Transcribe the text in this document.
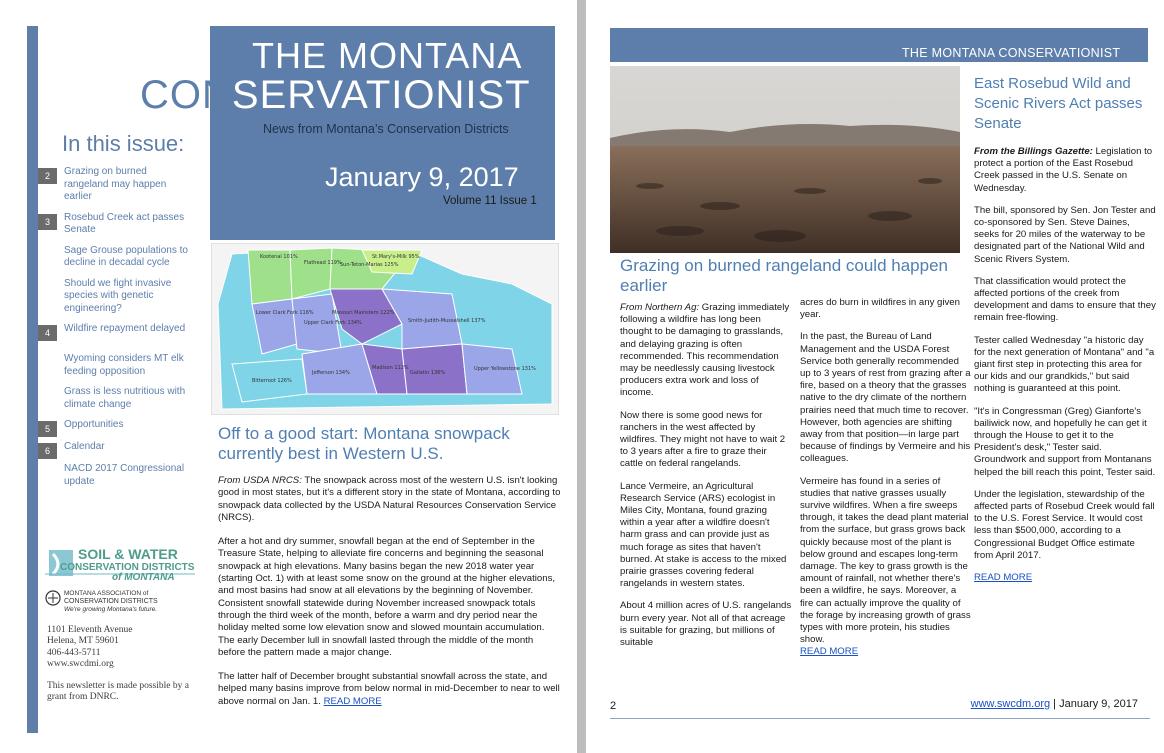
THE MONTANA
CONSERVATIONIST
News from Montana’s Conservation Districts
January 9, 2017
Volume 11 Issue 1
In this issue:
2	Grazing on burned rangeland may happen earlier
3	Rosebud Creek act passes Senate
Sage Grouse populations to decline in decadal cycle
Should we fight invasive species with genetic engineering?
4	Wildfire repayment delayed
Wyoming considers MT elk feeding opposition
Grass is less nutritious with climate change
5	Opportunities
6	Calendar
NACD 2017 Congressional update
Kootenai 101%
Flathead 119%
Sun-Teton-Marias 125%
St.Mary's-Milk 95%
Lower Clark Fork 116%
Upper Clark Fork 134%
Missouri Mainstem 122%
Smith-Judith-Musselshell 137%
Jefferson 134%
Bitterroot 126%
Madison 112%
Gallatin 136%
Upper Yellowstone 131%
Off to a good start: Montana snowpack currently best in Western U.S.

From USDA NRCS: The snowpack across most of the western U.S. isn't looking good in most states, but it's a different story in the state of Montana, according to snowpack data collected by the USDA Natural Resources Conservation Service (NRCS).

After a hot and dry summer, snowfall began at the end of September in the Treasure State, helping to alleviate fire concerns and beginning the seasonal snowpack at high elevations. Many basins began the new 2018 water year (starting Oct. 1) with at least some snow on the ground at the higher elevations, and most basins had snow at all elevations by the beginning of November. Consistent snowfall statewide during November increased snowpack totals through the third week of the month, before a warm and dry period near the holiday melted some low elevation snow and slowed mountain accumulation. The early December lull in snowfall lasted through the middle of the month before the pattern made a major change.

The latter half of December brought substantial snowfall across the state, and helped many basins improve from below normal in mid-December to near to well above normal on Jan. 1. READ MORE

SOIL & WATER
CONSERVATION DISTRICTS
of MONTANA
MONTANA ASSOCIATION of
CONSERVATION DISTRICTS
We're growing Montana's future.
1101 Eleventh Avenue
Helena, MT 59601
406-443-5711
www.swcdmi.org
This newsletter is made possible by a grant from DNRC.
THE MONTANA CONSERVATIONIST
Grazing on burned rangeland could happen earlier

From Northern Ag: Grazing immediately following a wildfire has long been thought to be damaging to grasslands, and delaying grazing is often recommended. This recommendation may be needlessly causing livestock producers extra work and loss of income.

Now there is some good news for ranchers in the west affected by wildfires. They might not have to wait 2 to 3 years after a fire to graze their cattle on federal rangelands.

Lance Vermeire, an Agricultural Research Service (ARS) ecologist in Miles City, Montana, found grazing within a year after a wildfire doesn't harm grass and can provide just as much forage as sites that haven't burned. At stake is access to the mixed prairie grasses covering federal rangelands in western states.

About 4 million acres of U.S. rangelands burn every year. Not all of that acreage is suitable for grazing, but millions of suitable

acres do burn in wildfires in any given year.

In the past, the Bureau of Land Management and the USDA Forest Service both generally recommended up to 3 years of rest from grazing after a fire, based on a theory that the grasses native to the dry climate of the northern prairies need that much time to recover. However, both agencies are shifting away from that position—in large part because of findings by Vermeire and his colleagues.

Vermeire has found in a series of studies that native grasses usually survive wildfires. When a fire sweeps through, it takes the dead plant material from the surface, but grass grows back quickly because most of the plant is below ground and escapes long-term damage. The key to grass growth is the amount of rainfall, not whether there's been a wildfire, he says. Moreover, a fire can actually improve the quality of the forage by increasing growth of grass types with more protein, his studies show.

READ MORE
East Rosebud Wild and Scenic Rivers Act passes Senate

From the Billings Gazette: Legislation to protect a portion of the East Rosebud Creek passed in the U.S. Senate on Wednesday.

The bill, sponsored by Sen. Jon Tester and co-sponsored by Sen. Steve Daines, seeks for 20 miles of the waterway to be designated part of the National Wild and Scenic Rivers System.

That classification would protect the affected portions of the creek from development and dams to ensure that they remain free-flowing.

Tester called Wednesday "a historic day for the next generation of Montana" and "a giant first step in protecting this area for our kids and our grandkids," but said nothing is guaranteed at this point.

"It's in Congressman (Greg) Gianforte's bailiwick now, and hopefully he can get it through the House to get it to the President's desk," Tester said. Groundwork and support from Montanans helped the bill reach this point, Tester said.

Under the legislation, stewardship of the affected parts of Rosebud Creek would fall to the U.S. Forest Service. It would cost less than $500,000, according to a Congressional Budget Office estimate from April 2017.

READ MORE
2	www.swcdm.org | January 9, 2017
